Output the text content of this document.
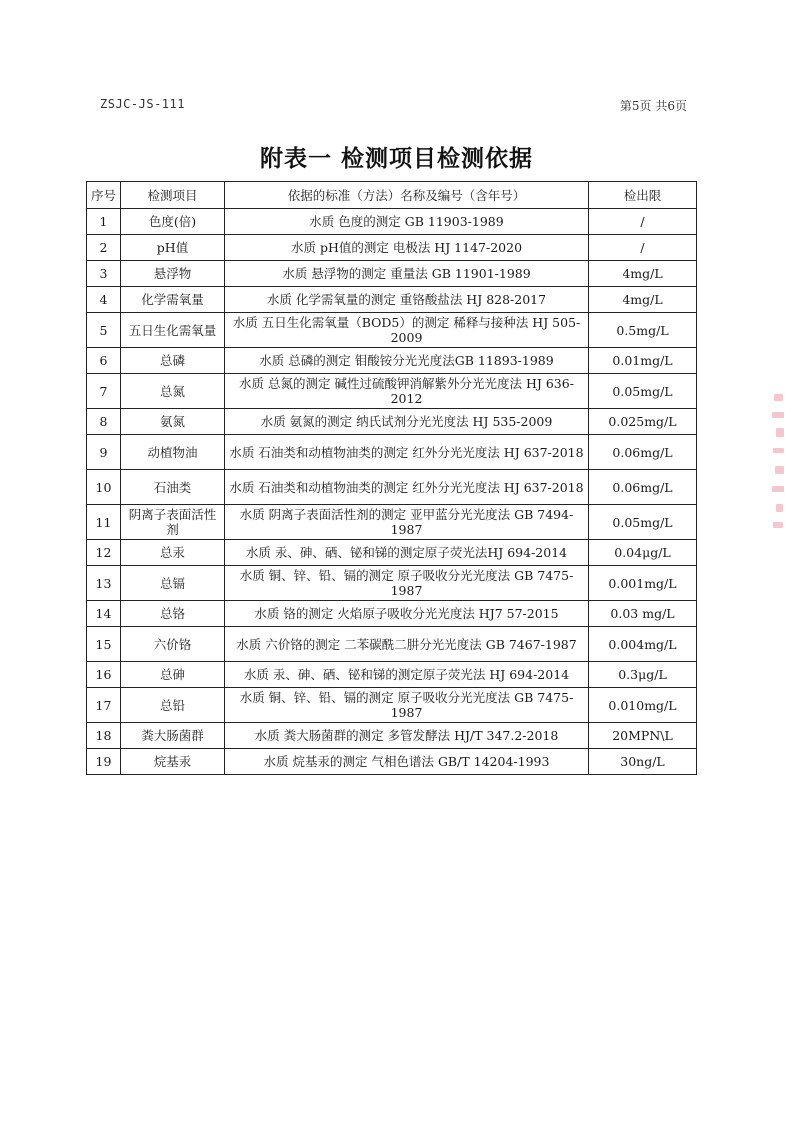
ZSJC-JS-111	第5页 共6页
附表一 检测项目检测依据
序号	检测项目	依据的标准（方法）名称及编号（含年号）	检出限
1	色度(倍)	水质 色度的测定 GB 11903-1989	/
2	pH值	水质 pH值的测定 电极法 HJ 1147-2020	/
3	悬浮物	水质 悬浮物的测定 重量法 GB 11901-1989	4mg/L
4	化学需氧量	水质 化学需氧量的测定 重铬酸盐法 HJ 828-2017	4mg/L
5	五日生化需氧量	水质 五日生化需氧量（BOD5）的测定 稀释与接种法 HJ 505-2009	0.5mg/L
6	总磷	水质 总磷的测定 钼酸铵分光光度法GB 11893-1989	0.01mg/L
7	总氮	水质 总氮的测定 碱性过硫酸钾消解紫外分光光度法 HJ 636-2012	0.05mg/L
8	氨氮	水质 氨氮的测定 纳氏试剂分光光度法 HJ 535-2009	0.025mg/L
9	动植物油	水质 石油类和动植物油类的测定 红外分光光度法 HJ 637-2018	0.06mg/L
10	石油类	水质 石油类和动植物油类的测定 红外分光光度法 HJ 637-2018	0.06mg/L
11	阴离子表面活性剂	水质 阴离子表面活性剂的测定 亚甲蓝分光光度法 GB 7494-1987	0.05mg/L
12	总汞	水质 汞、砷、硒、铋和锑的测定原子荧光法HJ 694-2014	0.04μg/L
13	总镉	水质 铜、锌、铅、镉的测定 原子吸收分光光度法 GB 7475-1987	0.001mg/L
14	总铬	水质 铬的测定 火焰原子吸收分光光度法 HJ7 57-2015	0.03 mg/L
15	六价铬	水质 六价铬的测定 二苯碳酰二肼分光光度法 GB 7467-1987	0.004mg/L
16	总砷	水质 汞、砷、硒、铋和锑的测定原子荧光法 HJ 694-2014	0.3μg/L
17	总铅	水质 铜、锌、铅、镉的测定 原子吸收分光光度法 GB 7475-1987	0.010mg/L
18	粪大肠菌群	水质 粪大肠菌群的测定 多管发酵法 HJ/T 347.2-2018	20MPN\L
19	烷基汞	水质 烷基汞的测定 气相色谱法 GB/T 14204-1993	30ng/L
